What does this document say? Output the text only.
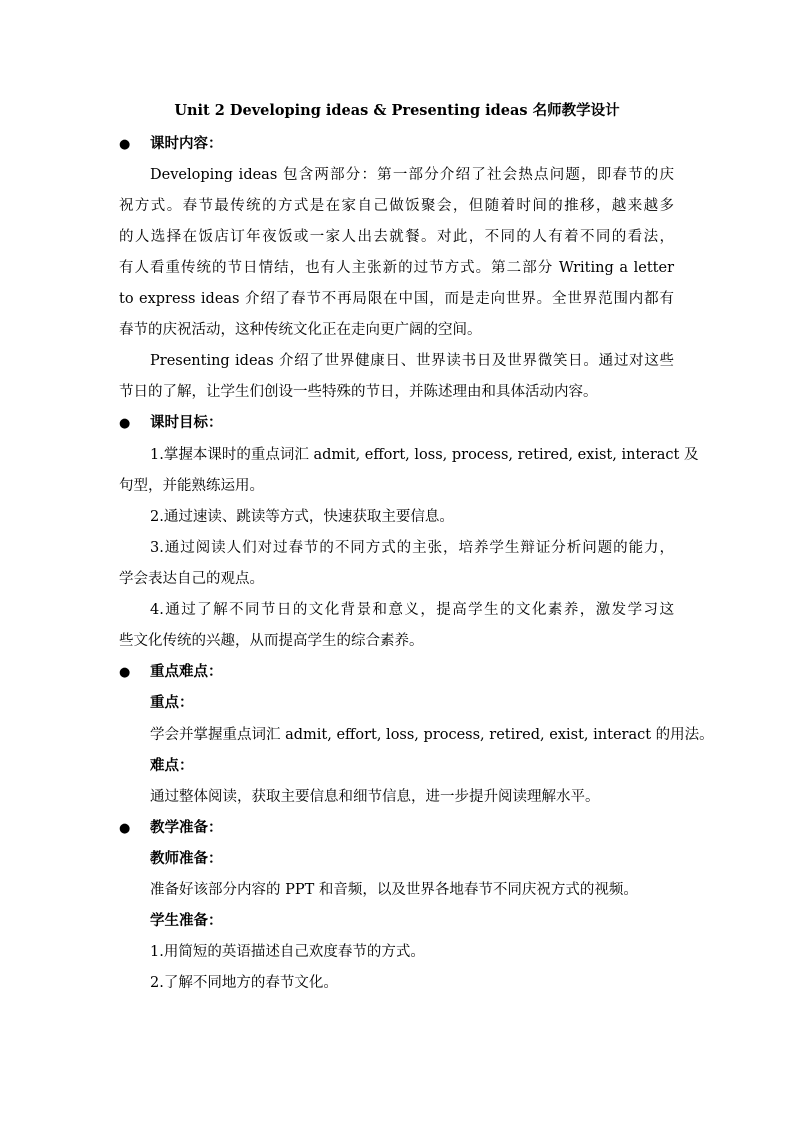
Unit 2 Developing ideas & Presenting ideas 名师教学设计
● 课时内容：
Developing ideas 包含两部分：第一部分介绍了社会热点问题，即春节的庆
祝方式。春节最传统的方式是在家自己做饭聚会，但随着时间的推移，越来越多
的人选择在饭店订年夜饭或一家人出去就餐。对此，不同的人有着不同的看法，
有人看重传统的节日情结，也有人主张新的过节方式。第二部分 Writing a letter
to express ideas 介绍了春节不再局限在中国，而是走向世界。全世界范围内都有
春节的庆祝活动，这种传统文化正在走向更广阔的空间。
Presenting ideas 介绍了世界健康日、世界读书日及世界微笑日。通过对这些
节日的了解，让学生们创设一些特殊的节日，并陈述理由和具体活动内容。
● 课时目标：
1.掌握本课时的重点词汇 admit, effort, loss, process, retired, exist, interact 及
句型，并能熟练运用。
2.通过速读、跳读等方式，快速获取主要信息。
3.通过阅读人们对过春节的不同方式的主张，培养学生辩证分析问题的能力，
学会表达自己的观点。
4.通过了解不同节日的文化背景和意义，提高学生的文化素养，激发学习这
些文化传统的兴趣，从而提高学生的综合素养。
● 重点难点：
重点：
学会并掌握重点词汇 admit, effort, loss, process, retired, exist, interact 的用法。
难点：
通过整体阅读，获取主要信息和细节信息，进一步提升阅读理解水平。
● 教学准备：
教师准备：
准备好该部分内容的 PPT 和音频，以及世界各地春节不同庆祝方式的视频。
学生准备：
1.用简短的英语描述自己欢度春节的方式。
2.了解不同地方的春节文化。
